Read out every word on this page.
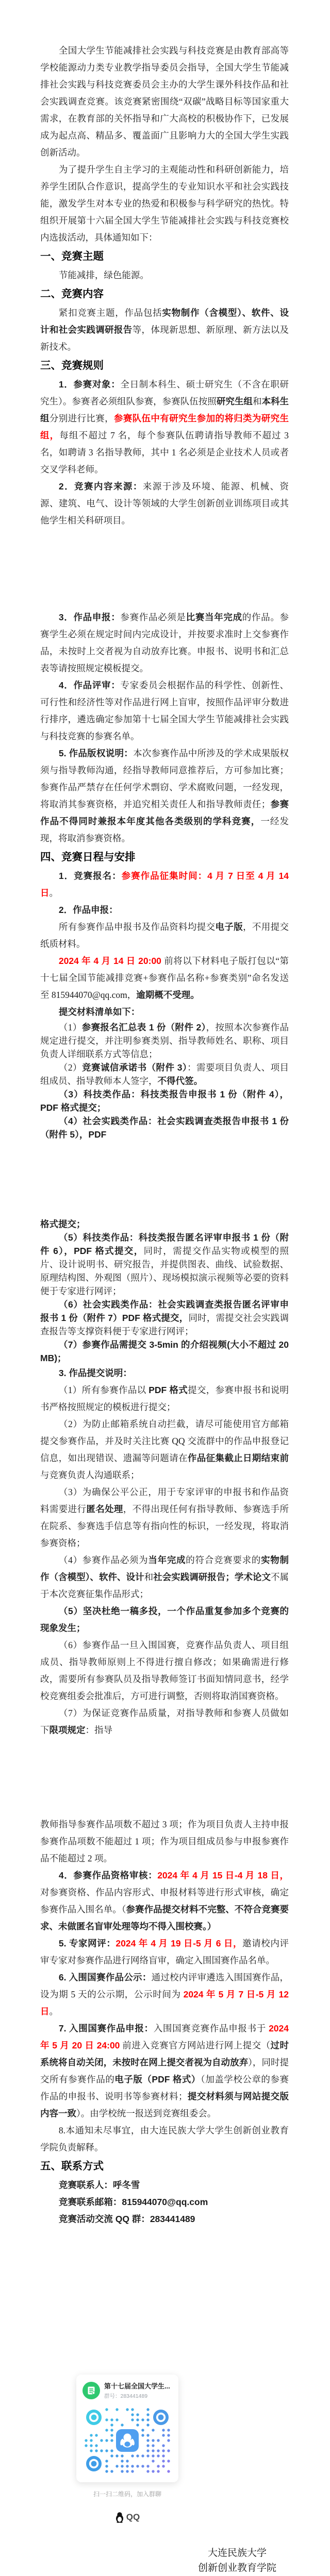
全国大学生节能减排社会实践与科技竞赛是由教育部高等学校能源动力类专业教学指导委员会指导，全国大学生节能减排社会实践与科技竞赛委员会主办的大学生课外科技作品和社会实践调查竞赛。该竞赛紧密围绕“双碳”战略目标等国家重大需求，在教育部的关怀指导和广大高校的积极协作下，已发展成为起点高、精品多、覆盖面广且影响力大的全国大学生实践创新活动。
为了提升学生自主学习的主观能动性和科研创新能力，培养学生团队合作意识，提高学生的专业知识水平和社会实践技能，激发学生对本专业的热爱和积极参与科学研究的热忱。特组织开展第十六届全国大学生节能减排社会实践与科技竞赛校内选拔活动，具体通知如下：
一、竞赛主题
节能减排，绿色能源。
二、竞赛内容
紧扣竞赛主题，作品包括实物制作（含模型）、软件、设计和社会实践调研报告等，体现新思想、新原理、新方法以及新技术。
三、竞赛规则
1．参赛对象：全日制本科生、硕士研究生（不含在职研究生）。参赛者必须组队参赛，参赛队伍按照研究生组和本科生组分别进行比赛，参赛队伍中有研究生参加的将归类为研究生组，每组不超过 7 名，每个参赛队伍聘请指导教师不超过 3 名，如聘请 3 名指导教师，其中 1 名必须是企业技术人员或者交叉学科老师。
2．竞赛内容来源：来源于涉及环境、能源、机械、资源、建筑、电气、设计等领域的大学生创新创业训练项目或其他学生相关科研项目。
3．作品申报：参赛作品必须是比赛当年完成的作品。参赛学生必须在规定时间内完成设计，并按要求准时上交参赛作品，未按时上交者视为自动放弃比赛。申报书、说明书和汇总表等请按照规定模板提交。
4．作品评审：专家委员会根据作品的科学性、创新性、可行性和经济性等对作品进行网上盲审，按照作品评审分数进行排序，遴选确定参加第十七届全国大学生节能减排社会实践与科技竞赛的参赛名单。
5. 作品版权说明：本次参赛作品中所涉及的学术成果版权须与指导教师沟通，经指导教师同意推荐后，方可参加比赛；参赛作品严禁存在任何学术剽窃、学术腐败问题，一经发现，将取消其参赛资格，并追究相关责任人和指导教师责任；参赛作品不得同时兼报本年度其他各类级别的学科竞赛，一经发现，将取消参赛资格。
四、竞赛日程与安排
1．竞赛报名：参赛作品征集时间：4 月 7 日至 4 月 14 日。
2．作品申报：
所有参赛作品申报书及作品资料均提交电子版，不用提交纸质材料。
2024 年 4 月 14 日 20:00 前将以下材料电子版打包以“第十七届全国节能减排竞赛+参赛作品名称+参赛类别”命名发送至 815944070@qq.com，逾期概不受理。
提交材料清单如下：
（1）参赛报名汇总表 1 份（附件 2），按照本次参赛作品规定进行提交，并注明参赛类别、指导教师姓名、职称、项目负责人详细联系方式等信息；
（2）竞赛诚信承诺书（附件 3）：需要项目负责人、项目组成员、指导教师本人签字，不得代签。
（3）科技类作品：科技类报告申报书 1 份（附件 4），PDF 格式提交；
（4）社会实践类作品：社会实践调查类报告申报书 1 份（附件 5），PDF
格式提交；
（5）科技类作品：科技类报告匿名评审申报书 1 份（附件 6），PDF 格式提交，同时，需提交作品实物或模型的照片、设计说明书、研究报告，并提供图表、曲线、试验数据、原理结构图、外观图（照片）、现场模拟演示视频等必要的资料便于专家进行网评；
（6）社会实践类作品：社会实践调查类报告匿名评审申报书 1 份（附件 7）PDF 格式提交，同时，需提交社会实践调查报告等支撑资料便于专家进行网评；
（7）参赛作品需提交 3-5min 的介绍视频(大小不超过 20 MB)；
3. 作品提交说明：
（1）所有参赛作品以 PDF 格式提交，参赛申报书和说明书严格按照规定的模板进行提交；
（2）为防止邮箱系统自动拦截，请尽可能使用官方邮箱提交参赛作品，并及时关注比赛 QQ 交流群中的作品申报登记信息，如出现错误、遗漏等问题请在作品征集截止日期结束前与竞赛负责人沟通联系；
（3）为确保公平公正，用于专家评审的申报书和作品资料需要进行匿名处理，不得出现任何有指导教师、参赛选手所在院系、参赛选手信息等有指向性的标识，一经发现，将取消参赛资格；
（4）参赛作品必须为当年完成的符合竞赛要求的实物制作（含模型）、软件、设计和社会实践调研报告；学术论文不属于本次竞赛征集作品形式；
（5）坚决杜绝一稿多投，一个作品重复参加多个竞赛的现象发生；
（6）参赛作品一旦入围国赛，竞赛作品负责人、项目组成员、指导教师原则上不得进行擅自修改；如果确需进行修改，需要所有参赛队员及指导教师签订书面知情同意书，经学校竞赛组委会批准后，方可进行调整，否则将取消国赛资格。
（7）为保证竞赛作品质量，对指导教师和参赛人员做如下限项规定：指导
教师指导参赛作品项数不超过 3 项；作为项目负责人主持申报参赛作品项数不能超过 1 项；作为项目组成员参与申报参赛作品不能超过 2 项。
4．参赛作品资格审核：2024 年 4 月 15 日-4 月 18 日，对参赛资格、作品内容形式、申报材料等进行形式审核，确定参赛作品入围名单。（参赛作品提交材料不完整、不符合竞赛要求、未做匿名盲审处理等均不得入围校赛。）
5. 专家网评：2024 年 4 月 19 日-5 月 6 日，邀请校内评审专家对参赛作品进行网络盲审，确定入围国赛作品名单。
6. 入围国赛作品公示：通过校内评审遴选入围国赛作品，设为期 5 天的公示期，公示时间为 2024 年 5 月 7 日-5 月 12 日。
7. 入围国赛作品申报：入围国赛竞赛作品申报书于 2024 年 5 月 20 日 24:00 前进入竞赛官方网站进行网上提交（过时系统将自动关闭，未按时在网上提交者视为自动放弃），同时提交所有参赛作品的电子版（PDF 格式）（加盖学校公章的参赛作品的申报书、说明书等参赛材料；提交材料须与网站提交版内容一致）。由学校统一报送到竞赛组委会。
8.本通知未尽事宜，由大连民族大学大学生创新创业教育学院负责解释。
五、联系方式
竞赛联系人：呼冬雪
竞赛联系邮箱：815944070@qq.com
竞赛活动交流 QQ 群：283441489
第十七届全国大学生...
群号：283441489
扫一扫二维码，加入群聊
QQ
大连民族大学
创新创业教育学院
